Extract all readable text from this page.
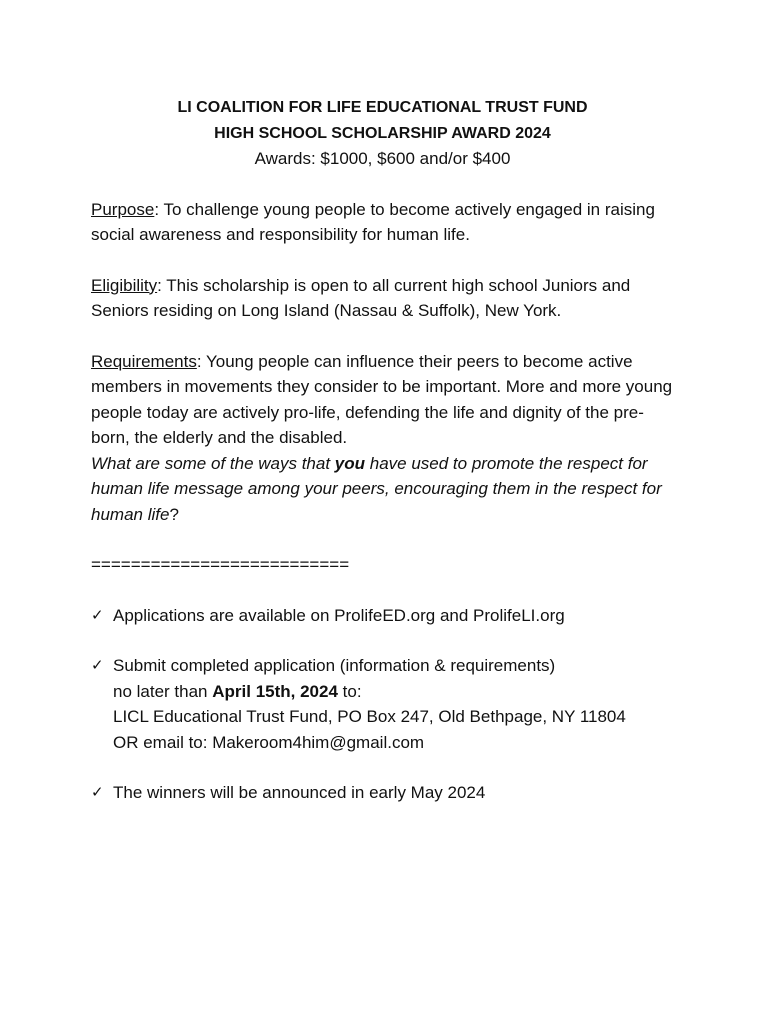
LI COALITION FOR LIFE EDUCATIONAL TRUST FUND
HIGH SCHOOL SCHOLARSHIP AWARD 2024
Awards: $1000, $600 and/or $400

Purpose: To challenge young people to become actively engaged in raising social awareness and responsibility for human life.

Eligibility: This scholarship is open to all current high school Juniors and Seniors residing on Long Island (Nassau & Suffolk), New York.

Requirements: Young people can influence their peers to become active members in movements they consider to be important. More and more young people today are actively pro-life, defending the life and dignity of the pre-born, the elderly and the disabled.

What are some of the ways that you have used to promote the respect for human life message among your peers, encouraging them in the respect for human life?

==========================
✓ Applications are available on ProlifeED.org and ProlifeLI.org
✓ Submit completed application (information & requirements)
no later than April 15th, 2024 to:
LICL Educational Trust Fund, PO Box 247, Old Bethpage, NY 11804
OR email to: Makeroom4him@gmail.com
✓ The winners will be announced in early May 2024
